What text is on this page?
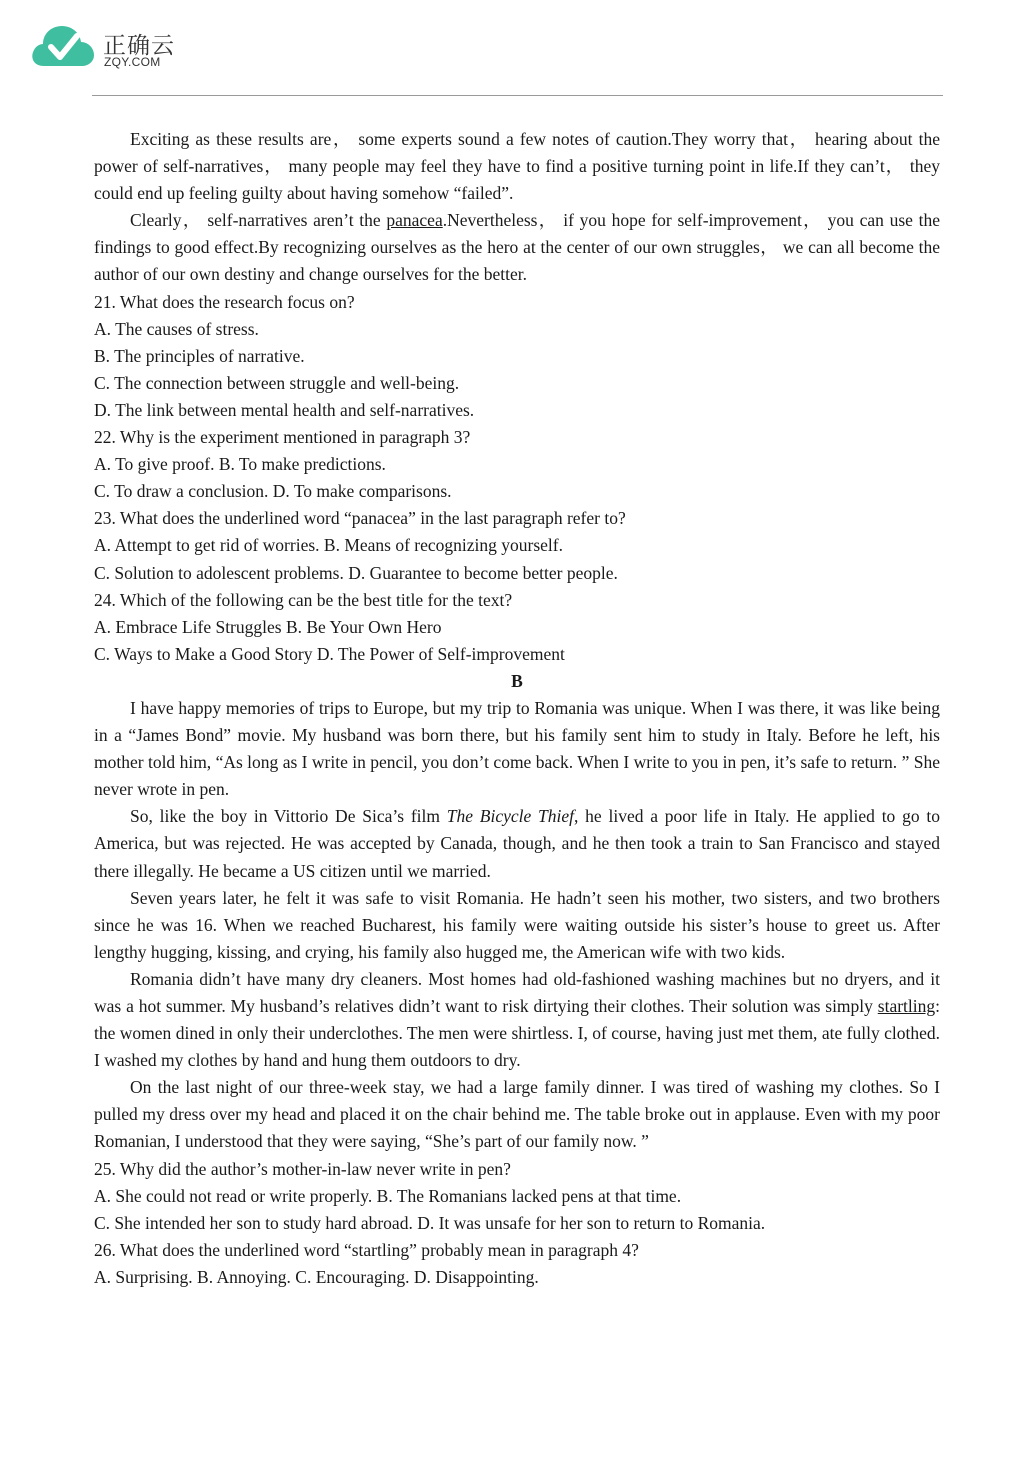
正确云
ZQY.COM

Exciting as these results are， some experts sound a few notes of caution.They worry that， hearing about the power of self-narratives， many people may feel they have to find a positive turning point in life.If they can’t， they could end up feeling guilty about having somehow “failed”.

Clearly， self-narratives aren’t the panacea.Nevertheless， if you hope for self-improvement， you can use the findings to good effect.By recognizing ourselves as the hero at the center of our own struggles， we can all become the author of our own destiny and change ourselves for the better.

21. What does the research focus on?

A. The causes of stress.

B. The principles of narrative.

C. The connection between struggle and well-being.

D. The link between mental health and self-narratives.

22. Why is the experiment mentioned in paragraph 3?

A. To give proof. B. To make predictions.

C. To draw a conclusion. D. To make comparisons.

23. What does the underlined word “panacea” in the last paragraph refer to?

A. Attempt to get rid of worries. B. Means of recognizing yourself.

C. Solution to adolescent problems. D. Guarantee to become better people.

24. Which of the following can be the best title for the text?

A. Embrace Life Struggles B. Be Your Own Hero

C. Ways to Make a Good Story D. The Power of Self-improvement

B

I have happy memories of trips to Europe, but my trip to Romania was unique. When I was there, it was like being in a “James Bond” movie. My husband was born there, but his family sent him to study in Italy. Before he left, his mother told him, “As long as I write in pencil, you don’t come back. When I write to you in pen, it’s safe to return. ” She never wrote in pen.

So, like the boy in Vittorio De Sica’s film The Bicycle Thief, he lived a poor life in Italy. He applied to go to America, but was rejected. He was accepted by Canada, though, and he then took a train to San Francisco and stayed there illegally. He became a US citizen until we married.

Seven years later, he felt it was safe to visit Romania. He hadn’t seen his mother, two sisters, and two brothers since he was 16. When we reached Bucharest, his family were waiting outside his sister’s house to greet us. After lengthy hugging, kissing, and crying, his family also hugged me, the American wife with two kids.

Romania didn’t have many dry cleaners. Most homes had old-fashioned washing machines but no dryers, and it was a hot summer. My husband’s relatives didn’t want to risk dirtying their clothes. Their solution was simply startling: the women dined in only their underclothes. The men were shirtless. I, of course, having just met them, ate fully clothed. I washed my clothes by hand and hung them outdoors to dry.

On the last night of our three-week stay, we had a large family dinner. I was tired of washing my clothes. So I pulled my dress over my head and placed it on the chair behind me. The table broke out in applause. Even with my poor Romanian, I understood that they were saying, “She’s part of our family now. ”

25. Why did the author’s mother-in-law never write in pen?

A. She could not read or write properly. B. The Romanians lacked pens at that time.

C. She intended her son to study hard abroad. D. It was unsafe for her son to return to Romania.

26. What does the underlined word “startling” probably mean in paragraph 4?

A. Surprising. B. Annoying. C. Encouraging. D. Disappointing.
